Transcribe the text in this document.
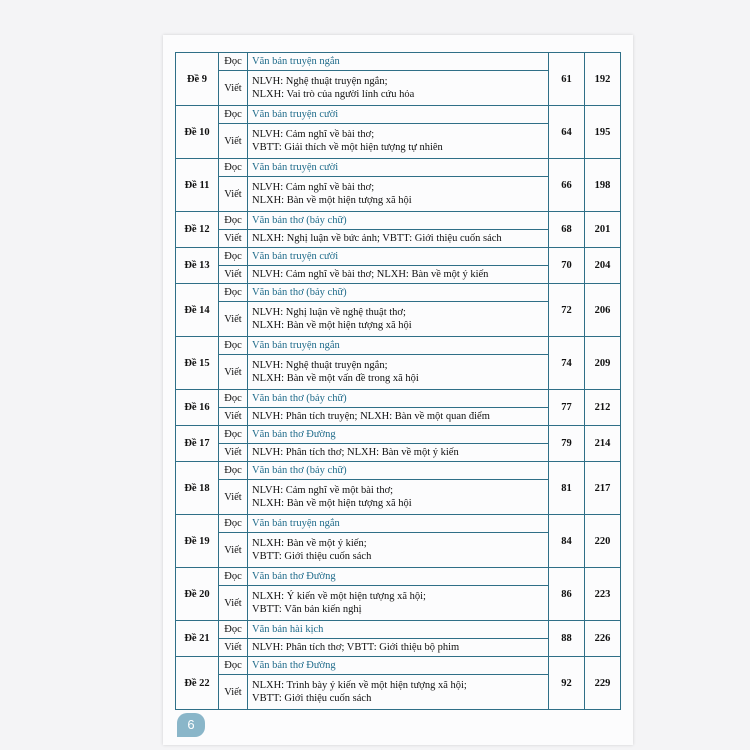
Đề 9	Đọc	Văn bản truyện ngắn	61	192
	Viết	NLVH: Nghệ thuật truyện ngắn;
NLXH: Vai trò của người lính cứu hỏa		

Đề 10	Đọc	Văn bản truyện cười	64	195
	Viết	NLVH: Cảm nghĩ về bài thơ;
VBTT: Giải thích về một hiện tượng tự nhiên		

Đề 11	Đọc	Văn bản truyện cười	66	198
	Viết	NLVH: Cảm nghĩ về bài thơ;
NLXH: Bàn về một hiện tượng xã hội		

Đề 12	Đọc	Văn bản thơ (bảy chữ)	68	201
	Viết	NLXH: Nghị luận về bức ảnh; VBTT: Giới thiệu cuốn sách		

Đề 13	Đọc	Văn bản truyện cười	70	204
	Viết	NLVH: Cảm nghĩ về bài thơ; NLXH: Bàn về một ý kiến		

Đề 14	Đọc	Văn bản thơ (bảy chữ)	72	206
	Viết	NLVH: Nghị luận về nghệ thuật thơ;
NLXH: Bàn về một hiện tượng xã hội		

Đề 15	Đọc	Văn bản truyện ngắn	74	209
	Viết	NLVH: Nghệ thuật truyện ngắn;
NLXH: Bàn về một vấn đề trong xã hội		

Đề 16	Đọc	Văn bản thơ (bảy chữ)	77	212
	Viết	NLVH: Phân tích truyện; NLXH: Bàn về một quan điểm		

Đề 17	Đọc	Văn bản thơ Đường	79	214
	Viết	NLVH: Phân tích thơ; NLXH: Bàn về một ý kiến		

Đề 18	Đọc	Văn bản thơ (bảy chữ)	81	217
	Viết	NLVH: Cảm nghĩ về một bài thơ;
NLXH: Bàn về một hiện tượng xã hội		

Đề 19	Đọc	Văn bản truyện ngắn	84	220
	Viết	NLXH: Bàn về một ý kiến;
VBTT: Giới thiệu cuốn sách		

Đề 20	Đọc	Văn bản thơ Đường	86	223
	Viết	NLXH: Ý kiến về một hiện tượng xã hội;
VBTT: Văn bản kiến nghị		

Đề 21	Đọc	Văn bản hài kịch	88	226
	Viết	NLVH: Phân tích thơ; VBTT: Giới thiệu bộ phim		

Đề 22	Đọc	Văn bản thơ Đường	92	229
	Viết	NLXH: Trình bày ý kiến về một hiện tượng xã hội;
VBTT: Giới thiệu cuốn sách		
6
